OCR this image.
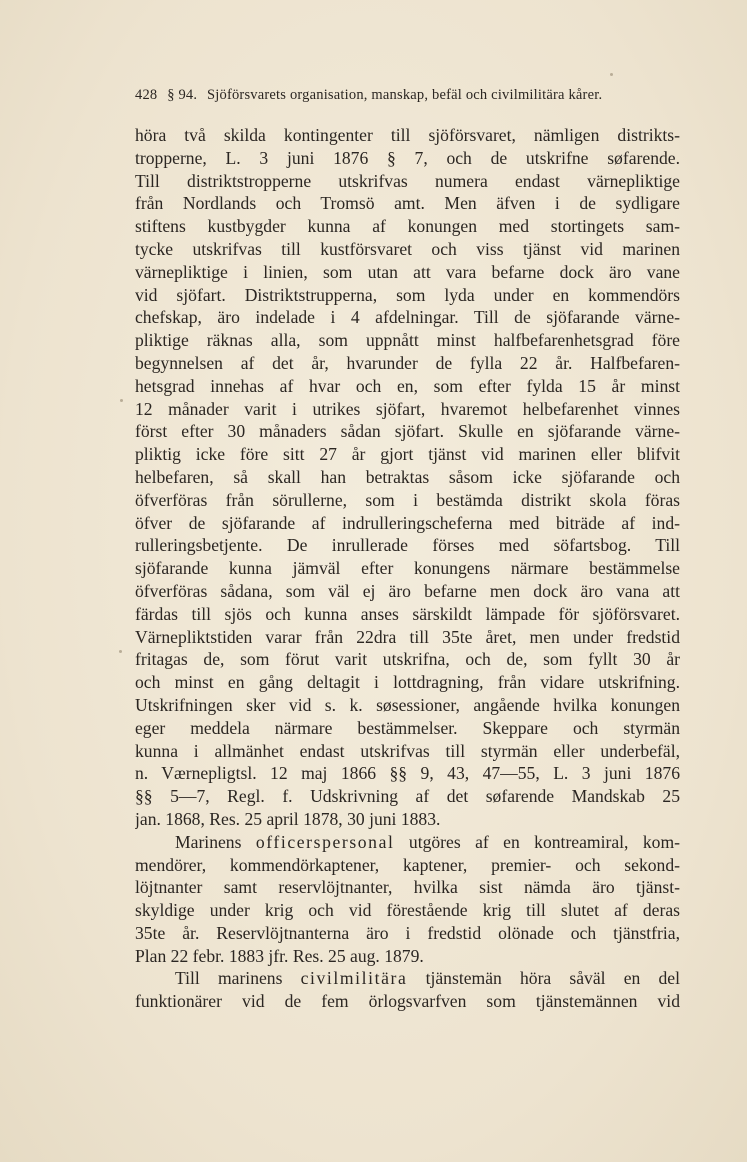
428 § 94. Sjöförsvarets organisation, manskap, befäl och civilmilitära kårer.
höra två skilda kontingenter till sjöförsvaret, nämligen distrikts-
tropperne, L. 3 juni 1876 § 7, och de utskrifne søfarende.
Till distriktstropperne utskrifvas numera endast värnepliktige
från Nordlands och Tromsö amt. Men äfven i de sydligare
stiftens kustbygder kunna af konungen med stortingets sam-
tycke utskrifvas till kustförsvaret och viss tjänst vid marinen
värnepliktige i linien, som utan att vara befarne dock äro vane
vid sjöfart. Distriktstrupperna, som lyda under en kommendörs
chefskap, äro indelade i 4 afdelningar. Till de sjöfarande värne-
pliktige räknas alla, som uppnått minst halfbefarenhetsgrad före
begynnelsen af det år, hvarunder de fylla 22 år. Halfbefaren-
hetsgrad innehas af hvar och en, som efter fylda 15 år minst
12 månader varit i utrikes sjöfart, hvaremot helbefarenhet vinnes
först efter 30 månaders sådan sjöfart. Skulle en sjöfarande värne-
pliktig icke före sitt 27 år gjort tjänst vid marinen eller blifvit
helbefaren, så skall han betraktas såsom icke sjöfarande och
öfverföras från sörullerne, som i bestämda distrikt skola föras
öfver de sjöfarande af indrulleringscheferna med biträde af ind-
rulleringsbetjente. De inrullerade förses med söfartsbog. Till
sjöfarande kunna jämväl efter konungens närmare bestämmelse
öfverföras sådana, som väl ej äro befarne men dock äro vana att
färdas till sjös och kunna anses särskildt lämpade för sjöförsvaret.
Värnepliktstiden varar från 22dra till 35te året, men under fredstid
fritagas de, som förut varit utskrifna, och de, som fyllt 30 år
och minst en gång deltagit i lottdragning, från vidare utskrifning.
Utskrifningen sker vid s. k. søsessioner, angående hvilka konungen
eger meddela närmare bestämmelser. Skeppare och styrmän
kunna i allmänhet endast utskrifvas till styrmän eller underbefäl,
n. Værnepligtsl. 12 maj 1866 §§ 9, 43, 47—55, L. 3 juni 1876
§§ 5—7, Regl. f. Udskrivning af det søfarende Mandskab 25
jan. 1868, Res. 25 april 1878, 30 juni 1883.
Marinens officerspersonal utgöres af en kontreamiral, kom-
mendörer, kommendörkaptener, kaptener, premier- och sekond-
löjtnanter samt reservlöjtnanter, hvilka sist nämda äro tjänst-
skyldige under krig och vid förestående krig till slutet af deras
35te år. Reservlöjtnanterna äro i fredstid olönade och tjänstfria,
Plan 22 febr. 1883 jfr. Res. 25 aug. 1879.
Till marinens civilmilitära tjänstemän höra såväl en del
funktionärer vid de fem örlogsvarfven som tjänstemännen vid
